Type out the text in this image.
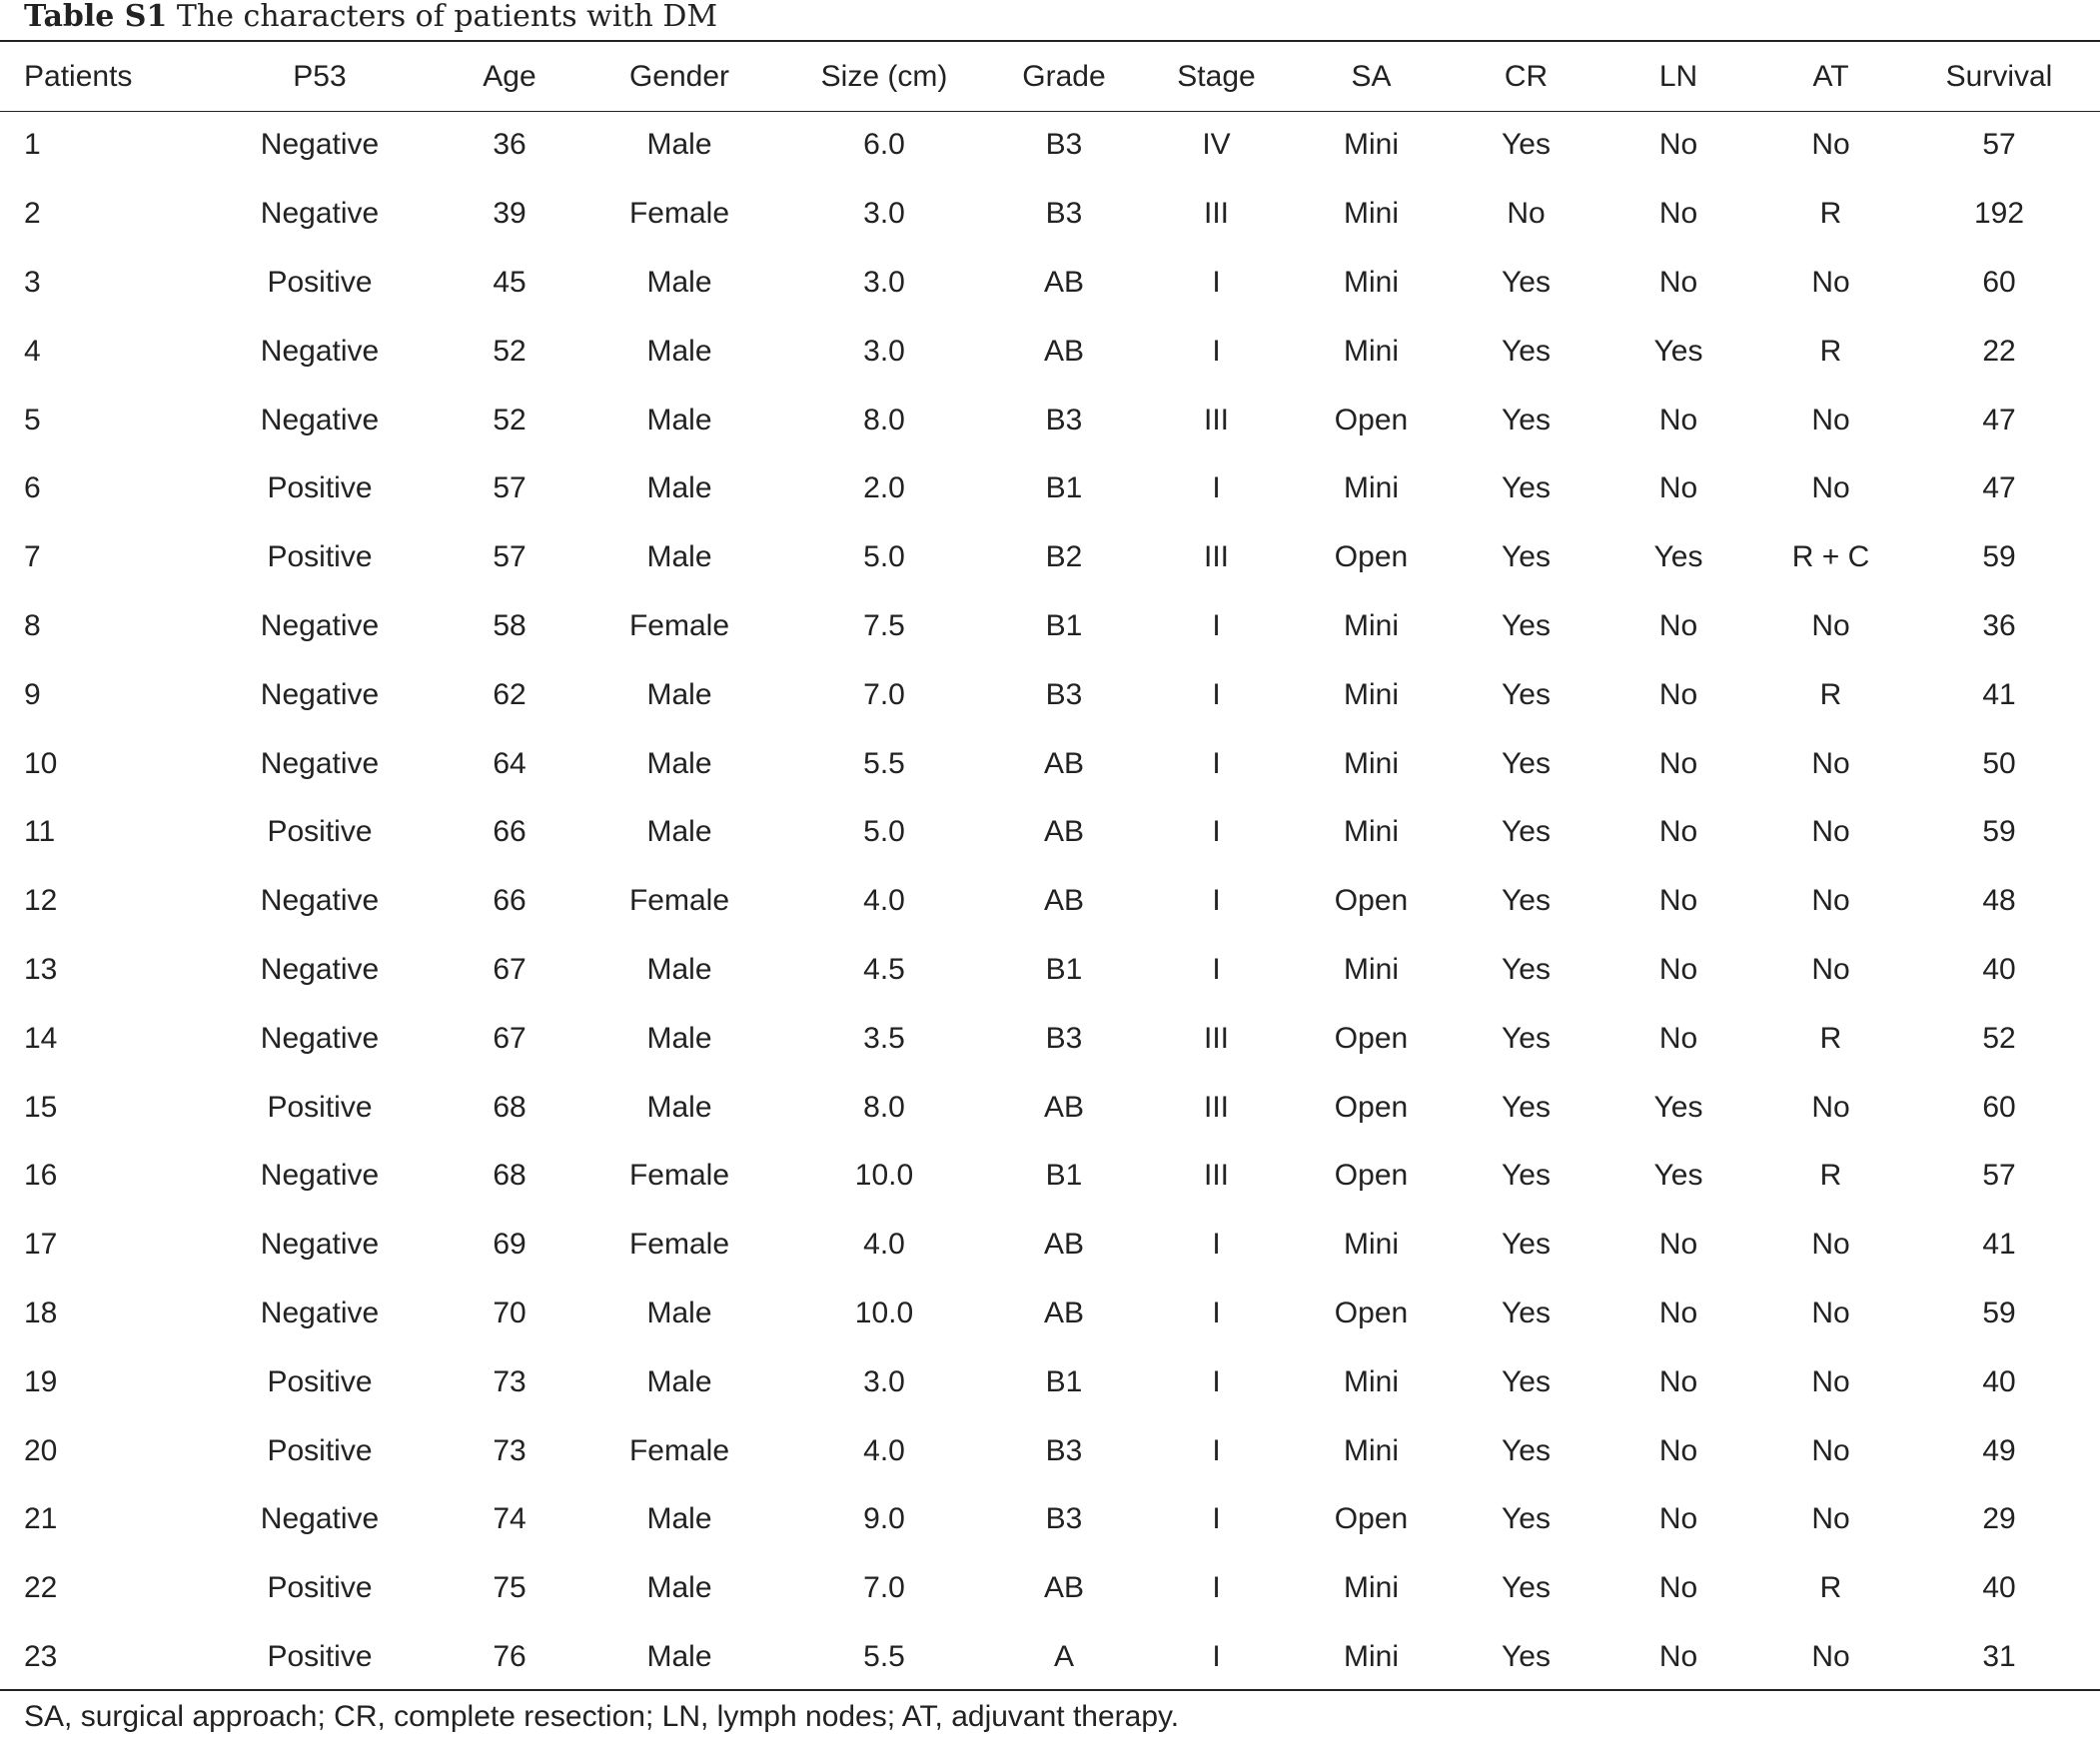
Table S1 The characters of patients with DM
Patients	P53	Age	Gender	Size (cm)	Grade	Stage	SA	CR	LN	AT	Survival
1	Negative	36	Male	6.0	B3	IV	Mini	Yes	No	No	57
2	Negative	39	Female	3.0	B3	III	Mini	No	No	R	192
3	Positive	45	Male	3.0	AB	I	Mini	Yes	No	No	60
4	Negative	52	Male	3.0	AB	I	Mini	Yes	Yes	R	22
5	Negative	52	Male	8.0	B3	III	Open	Yes	No	No	47
6	Positive	57	Male	2.0	B1	I	Mini	Yes	No	No	47
7	Positive	57	Male	5.0	B2	III	Open	Yes	Yes	R + C	59
8	Negative	58	Female	7.5	B1	I	Mini	Yes	No	No	36
9	Negative	62	Male	7.0	B3	I	Mini	Yes	No	R	41
10	Negative	64	Male	5.5	AB	I	Mini	Yes	No	No	50
11	Positive	66	Male	5.0	AB	I	Mini	Yes	No	No	59
12	Negative	66	Female	4.0	AB	I	Open	Yes	No	No	48
13	Negative	67	Male	4.5	B1	I	Mini	Yes	No	No	40
14	Negative	67	Male	3.5	B3	III	Open	Yes	No	R	52
15	Positive	68	Male	8.0	AB	III	Open	Yes	Yes	No	60
16	Negative	68	Female	10.0	B1	III	Open	Yes	Yes	R	57
17	Negative	69	Female	4.0	AB	I	Mini	Yes	No	No	41
18	Negative	70	Male	10.0	AB	I	Open	Yes	No	No	59
19	Positive	73	Male	3.0	B1	I	Mini	Yes	No	No	40
20	Positive	73	Female	4.0	B3	I	Mini	Yes	No	No	49
21	Negative	74	Male	9.0	B3	I	Open	Yes	No	No	29
22	Positive	75	Male	7.0	AB	I	Mini	Yes	No	R	40
23	Positive	76	Male	5.5	A	I	Mini	Yes	No	No	31
SA, surgical approach; CR, complete resection; LN, lymph nodes; AT, adjuvant therapy.
